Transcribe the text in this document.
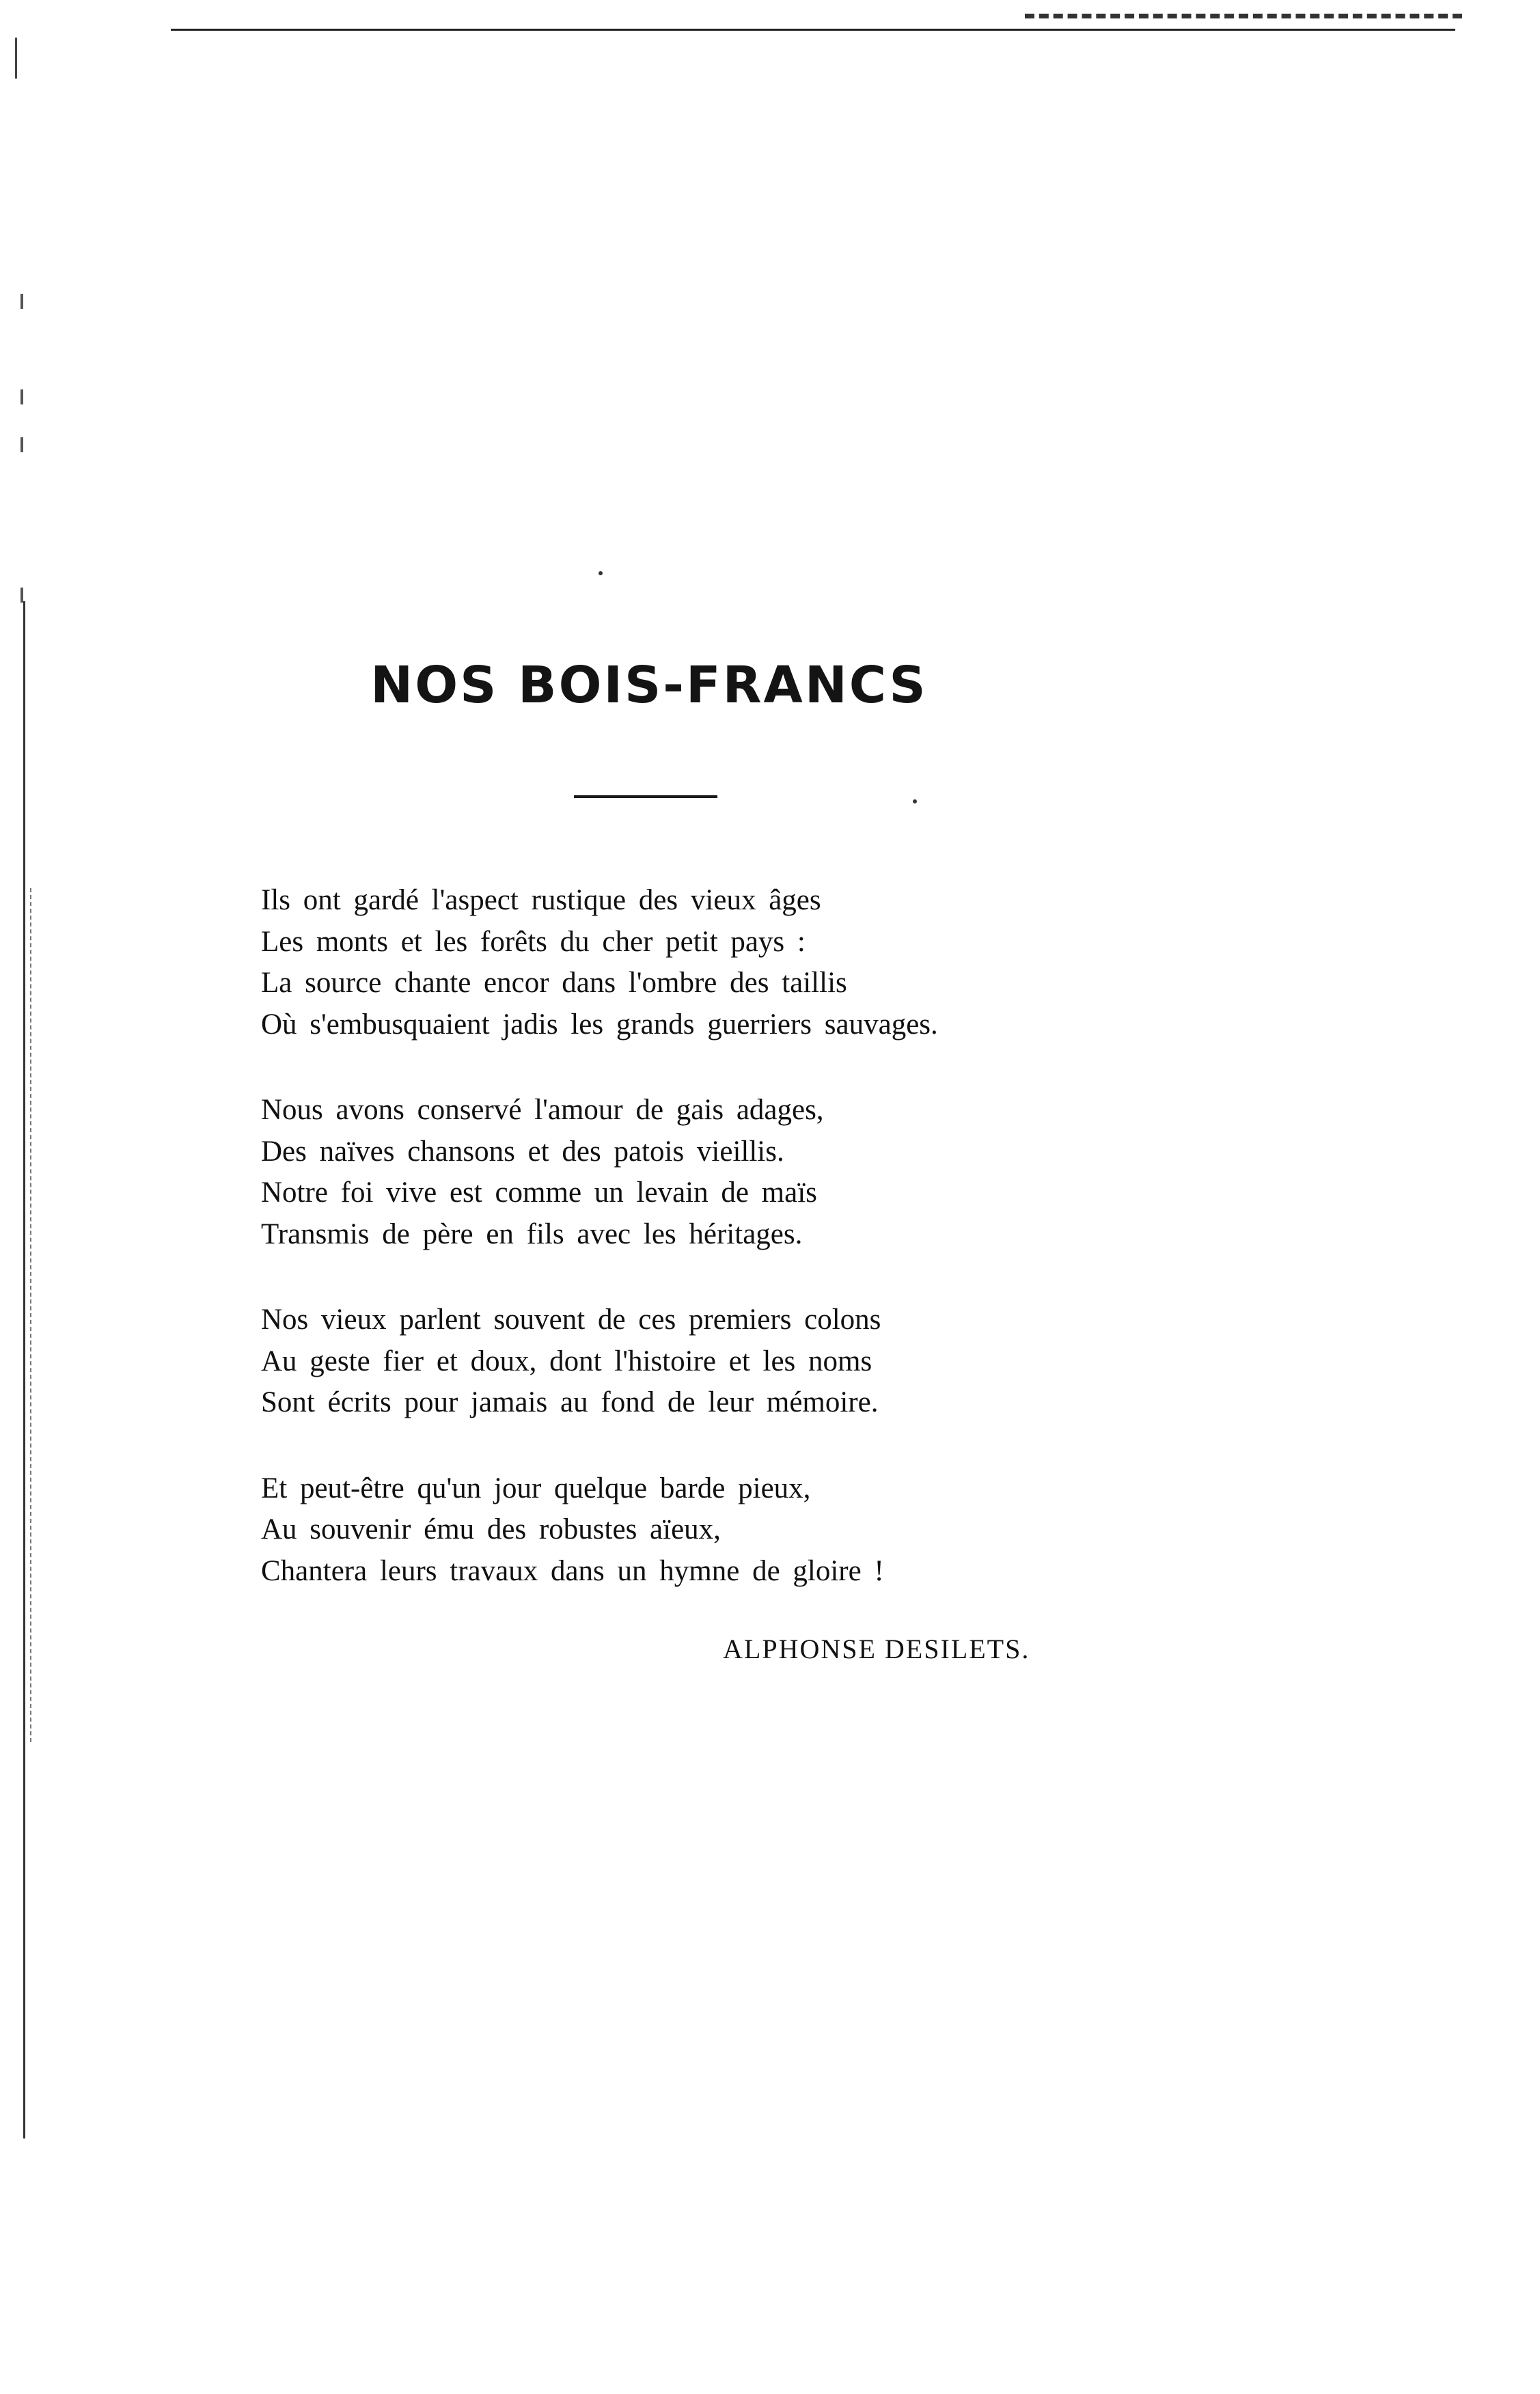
NOS BOIS-FRANCS
Ils ont gardé l'aspect rustique des vieux âges
Les monts et les forêts du cher petit pays :
La source chante encor dans l'ombre des taillis
Où s'embusquaient jadis les grands guerriers sauvages.
Nous avons conservé l'amour de gais adages,
Des naïves chansons et des patois vieillis.
Notre foi vive est comme un levain de maïs
Transmis de père en fils avec les héritages.
Nos vieux parlent souvent de ces premiers colons
Au geste fier et doux, dont l'histoire et les noms
Sont écrits pour jamais au fond de leur mémoire.
Et peut-être qu'un jour quelque barde pieux,
Au souvenir ému des robustes aïeux,
Chantera leurs travaux dans un hymne de gloire !
ALPHONSE DESILETS.
